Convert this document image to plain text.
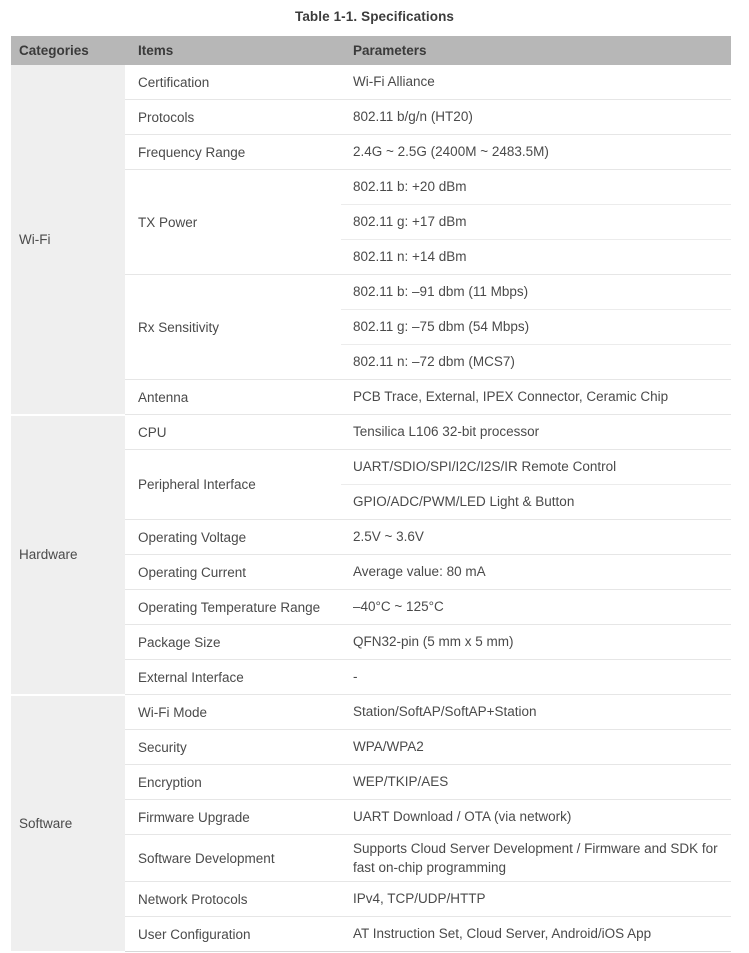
Table 1-1. Specifications
Categories	Items	Parameters
Wi-Fi	Certification	Wi-Fi Alliance
	Protocols	802.11 b/g/n (HT20)
	Frequency Range	2.4G ~ 2.5G (2400M ~ 2483.5M)
	TX Power	802.11 b: +20 dBm
		802.11 g: +17 dBm
		802.11 n: +14 dBm
	Rx Sensitivity	802.11 b: –91 dbm (11 Mbps)
		802.11 g: –75 dbm (54 Mbps)
		802.11 n: –72 dbm (MCS7)
	Antenna	PCB Trace, External, IPEX Connector, Ceramic Chip
Hardware	CPU	Tensilica L106 32-bit processor
	Peripheral Interface	UART/SDIO/SPI/I2C/I2S/IR Remote Control
		GPIO/ADC/PWM/LED Light & Button
	Operating Voltage	2.5V ~ 3.6V
	Operating Current	Average value: 80 mA
	Operating Temperature Range	–40°C ~ 125°C
	Package Size	QFN32-pin (5 mm x 5 mm)
	External Interface	-
Software	Wi-Fi Mode	Station/SoftAP/SoftAP+Station
	Security	WPA/WPA2
	Encryption	WEP/TKIP/AES
	Firmware Upgrade	UART Download / OTA (via network)
	Software Development	Supports Cloud Server Development / Firmware and SDK for fast on-chip programming
	Network Protocols	IPv4, TCP/UDP/HTTP
	User Configuration	AT Instruction Set, Cloud Server, Android/iOS App
